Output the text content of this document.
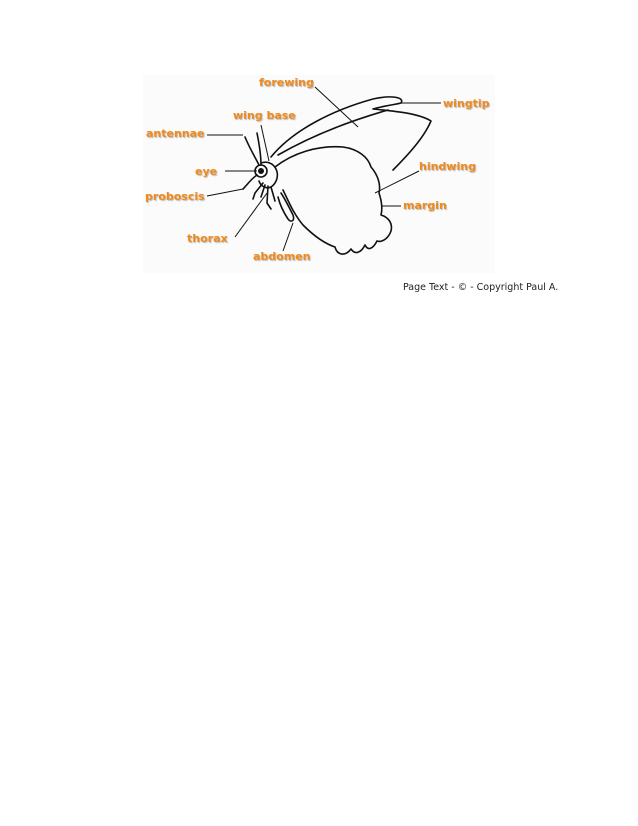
forewing
wingtip
wing base
antennae
eye
proboscis
hindwing
margin
thorax
abdomen
Page Text - © - Copyright Paul A.
